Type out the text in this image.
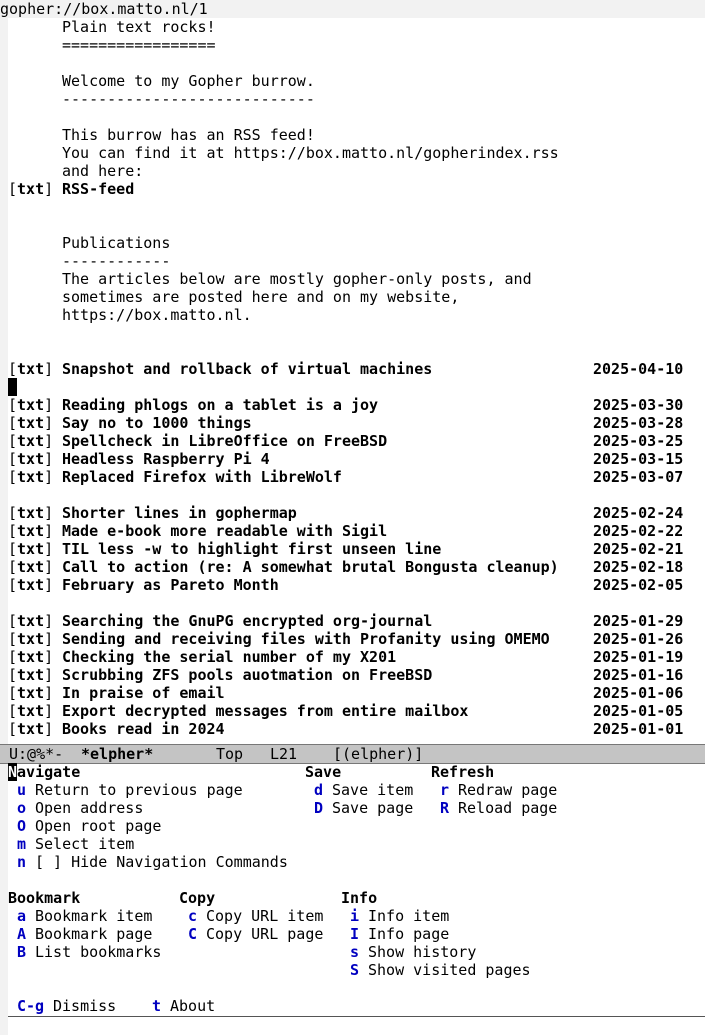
gopher://box.matto.nl/1
Plain text rocks!
=================
Welcome to my Gopher burrow.
----------------------------
This burrow has an RSS feed!
You can find it at https://box.matto.nl/gopherindex.rss
and here:
[txt] RSS-feed
Publications
------------
The articles below are mostly gopher-only posts, and
sometimes are posted here and on my website,
https://box.matto.nl.
[txt] Snapshot and rollback of virtual machines	2025-04-10
[txt] Reading phlogs on a tablet is a joy	2025-03-30
[txt] Say no to 1000 things	2025-03-28
[txt] Spellcheck in LibreOffice on FreeBSD	2025-03-25
[txt] Headless Raspberry Pi 4	2025-03-15
[txt] Replaced Firefox with LibreWolf	2025-03-07
[txt] Shorter lines in gophermap	2025-02-24
[txt] Made e-book more readable with Sigil	2025-02-22
[txt] TIL less -w to highlight first unseen line	2025-02-21
[txt] Call to action (re: A somewhat brutal Bongusta cleanup) 2025-02-18
[txt] February as Pareto Month	2025-02-05
[txt] Searching the GnuPG encrypted org-journal	2025-01-29
[txt] Sending and receiving files with Profanity using OMEMO	2025-01-26
[txt] Checking the serial number of my X201	2025-01-19
[txt] Scrubbing ZFS pools auotmation on FreeBSD	2025-01-16
[txt] In praise of email	2025-01-06
[txt] Export decrypted messages from entire mailbox	2025-01-05
[txt] Books read in 2024	2025-01-01

U:@%*-

*elpher*

	Top

L21

[(elpher)]

Navigate	Save	Refresh
u Return to previous page	d Save item r Redraw page
o Open address	D Save page R Reload page
O Open root page
m Select item
n [ ] Hide Navigation Commands
Bookmark	Copy	Info
a Bookmark item c Copy URL item i Info item
A Bookmark page C Copy URL page I Info page
B List bookmarks	s Show history
S Show visited pages
C-g Dismiss t About
